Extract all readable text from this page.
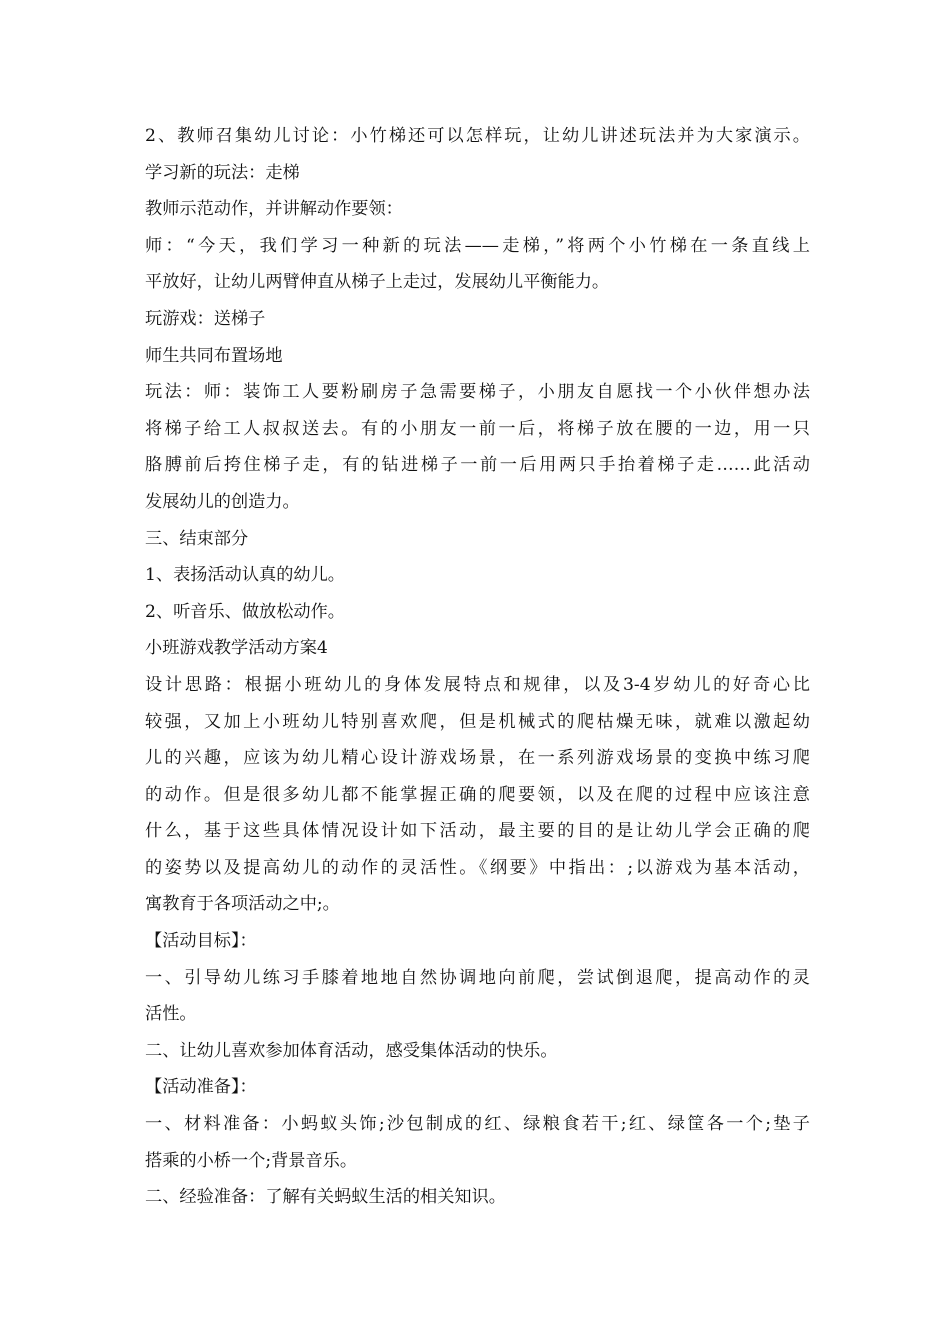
2、教师召集幼儿讨论：小竹梯还可以怎样玩，让幼儿讲述玩法并为大家演示。
学习新的玩法：走梯
教师示范动作，并讲解动作要领：
师：“今天，我们学习一种新的玩法——走梯，”将两个小竹梯在一条直线上
平放好，让幼儿两臂伸直从梯子上走过，发展幼儿平衡能力。
玩游戏：送梯子
师生共同布置场地
玩法：师：装饰工人要粉刷房子急需要梯子，小朋友自愿找一个小伙伴想办法
将梯子给工人叔叔送去。有的小朋友一前一后，将梯子放在腰的一边，用一只
胳膊前后挎住梯子走，有的钻进梯子一前一后用两只手抬着梯子走……此活动
发展幼儿的创造力。
三、结束部分
1、表扬活动认真的幼儿。
2、听音乐、做放松动作。
小班游戏教学活动方案4
设计思路：根据小班幼儿的身体发展特点和规律，以及3-4岁幼儿的好奇心比
较强，又加上小班幼儿特别喜欢爬，但是机械式的爬枯燥无味，就难以激起幼
儿的兴趣，应该为幼儿精心设计游戏场景，在一系列游戏场景的变换中练习爬
的动作。但是很多幼儿都不能掌握正确的爬要领，以及在爬的过程中应该注意
什么，基于这些具体情况设计如下活动，最主要的目的是让幼儿学会正确的爬
的姿势以及提高幼儿的动作的灵活性。《纲要》中指出：;以游戏为基本活动，
寓教育于各项活动之中;。
【活动目标】：
一、引导幼儿练习手膝着地地自然协调地向前爬，尝试倒退爬，提高动作的灵
活性。
二、让幼儿喜欢参加体育活动，感受集体活动的快乐。
【活动准备】：
一、材料准备：小蚂蚁头饰;沙包制成的红、绿粮食若干;红、绿筐各一个;垫子
搭乘的小桥一个;背景音乐。
二、经验准备：了解有关蚂蚁生活的相关知识。
